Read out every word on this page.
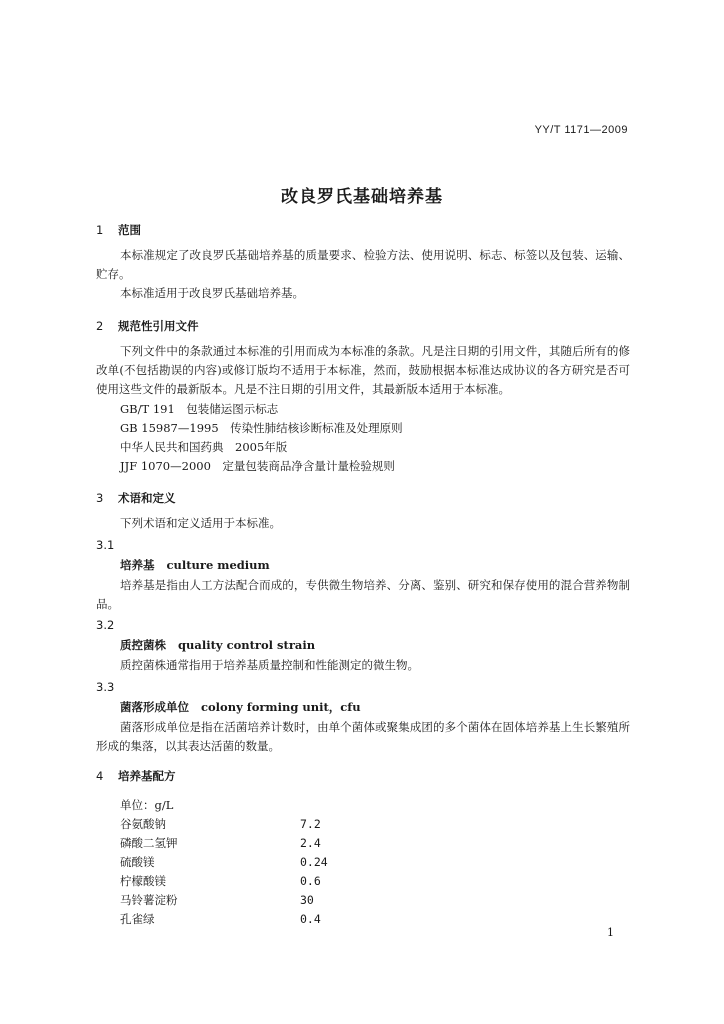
YY/T 1171—2009
改良罗氏基础培养基
1 范围
本标准规定了改良罗氏基础培养基的质量要求、检验方法、使用说明、标志、标签以及包装、运输、贮存。
本标准适用于改良罗氏基础培养基。
2 规范性引用文件
下列文件中的条款通过本标准的引用而成为本标准的条款。凡是注日期的引用文件，其随后所有的修改单(不包括勘误的内容)或修订版均不适用于本标准，然而，鼓励根据本标准达成协议的各方研究是否可使用这些文件的最新版本。凡是不注日期的引用文件，其最新版本适用于本标准。
GB/T 191　包装储运图示标志
GB 15987—1995　传染性肺结核诊断标准及处理原则
中华人民共和国药典　2005年版
JJF 1070—2000　定量包装商品净含量计量检验规则
3 术语和定义
下列术语和定义适用于本标准。
3.1
培养基 culture medium
培养基是指由人工方法配合而成的，专供微生物培养、分离、鉴别、研究和保存使用的混合营养物制品。
3.2
质控菌株 quality control strain
质控菌株通常指用于培养基质量控制和性能测定的微生物。
3.3
菌落形成单位 colony forming unit，cfu
菌落形成单位是指在活菌培养计数时，由单个菌体或聚集成团的多个菌体在固体培养基上生长繁殖所形成的集落，以其表达活菌的数量。
4 培养基配方
单位：g/L
谷氨酸钠	7.2
磷酸二氢钾	2.4
硫酸镁	0.24
柠檬酸镁	0.6
马铃薯淀粉	30
孔雀绿	0.4
1
